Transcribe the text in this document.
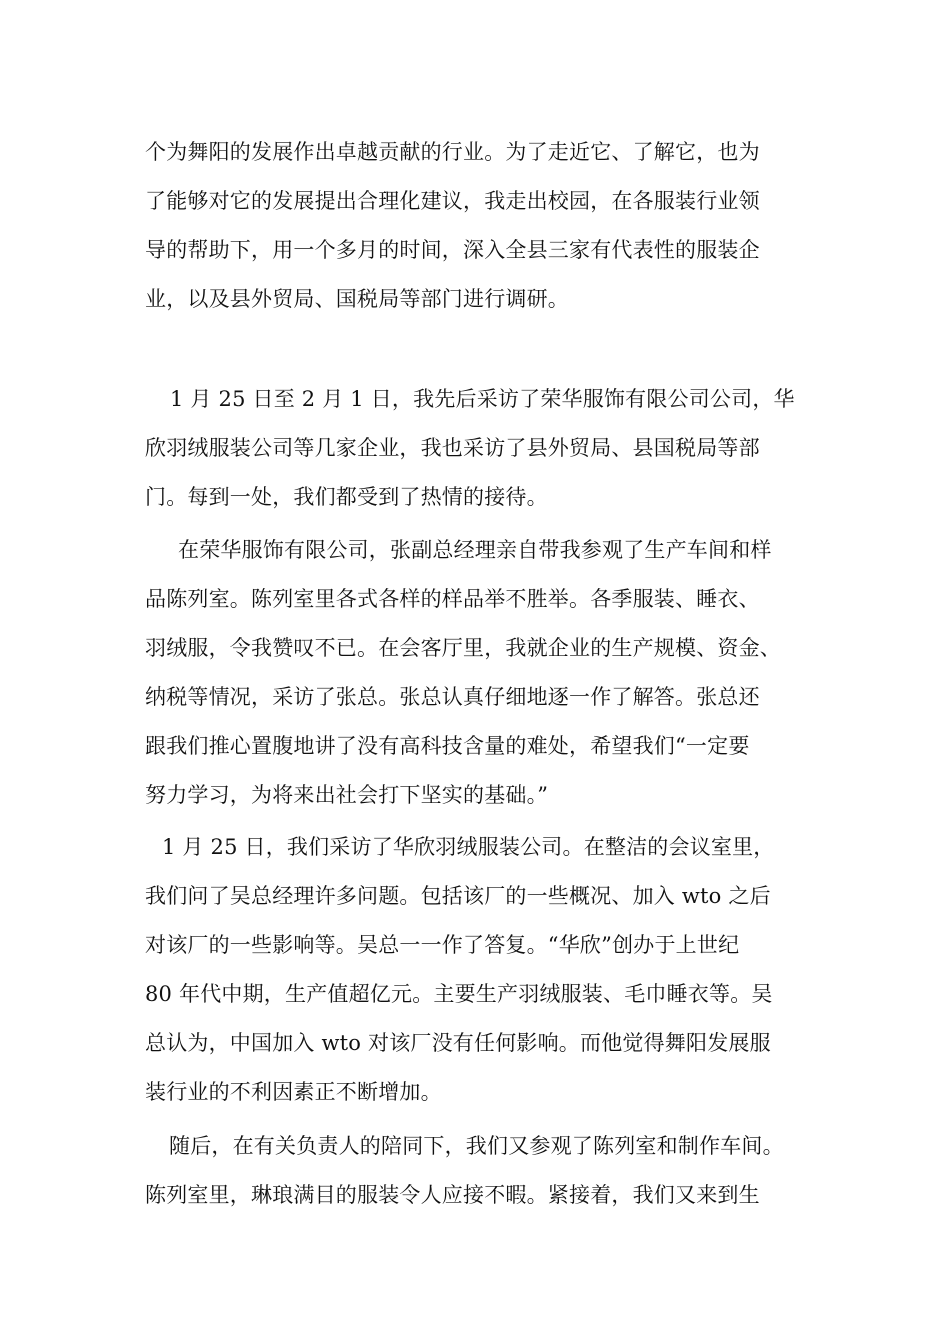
个为舞阳的发展作出卓越贡献的行业。为了走近它、了解它，也为
了能够对它的发展提出合理化建议，我走出校园，在各服装行业领
导的帮助下，用一个多月的时间，深入全县三家有代表性的服装企
业，以及县外贸局、国税局等部门进行调研。
1 月 25 日至 2 月 1 日，我先后采访了荣华服饰有限公司公司，华
欣羽绒服装公司等几家企业，我也采访了县外贸局、县国税局等部
门。每到一处，我们都受到了热情的接待。
在荣华服饰有限公司，张副总经理亲自带我参观了生产车间和样
品陈列室。陈列室里各式各样的样品举不胜举。各季服装、睡衣、
羽绒服，令我赞叹不已。在会客厅里，我就企业的生产规模、资金、
纳税等情况，采访了张总。张总认真仔细地逐一作了解答。张总还
跟我们推心置腹地讲了没有高科技含量的难处，希望我们“一定要
努力学习，为将来出社会打下坚实的基础。”
1 月 25 日，我们采访了华欣羽绒服装公司。在整洁的会议室里，
我们问了吴总经理许多问题。包括该厂的一些概况、加入 wto 之后
对该厂的一些影响等。吴总一一作了答复。“华欣”创办于上世纪
80 年代中期，生产值超亿元。主要生产羽绒服装、毛巾睡衣等。吴
总认为，中国加入 wto 对该厂没有任何影响。而他觉得舞阳发展服
装行业的不利因素正不断增加。
随后，在有关负责人的陪同下，我们又参观了陈列室和制作车间。
陈列室里，琳琅满目的服装令人应接不暇。紧接着，我们又来到生
